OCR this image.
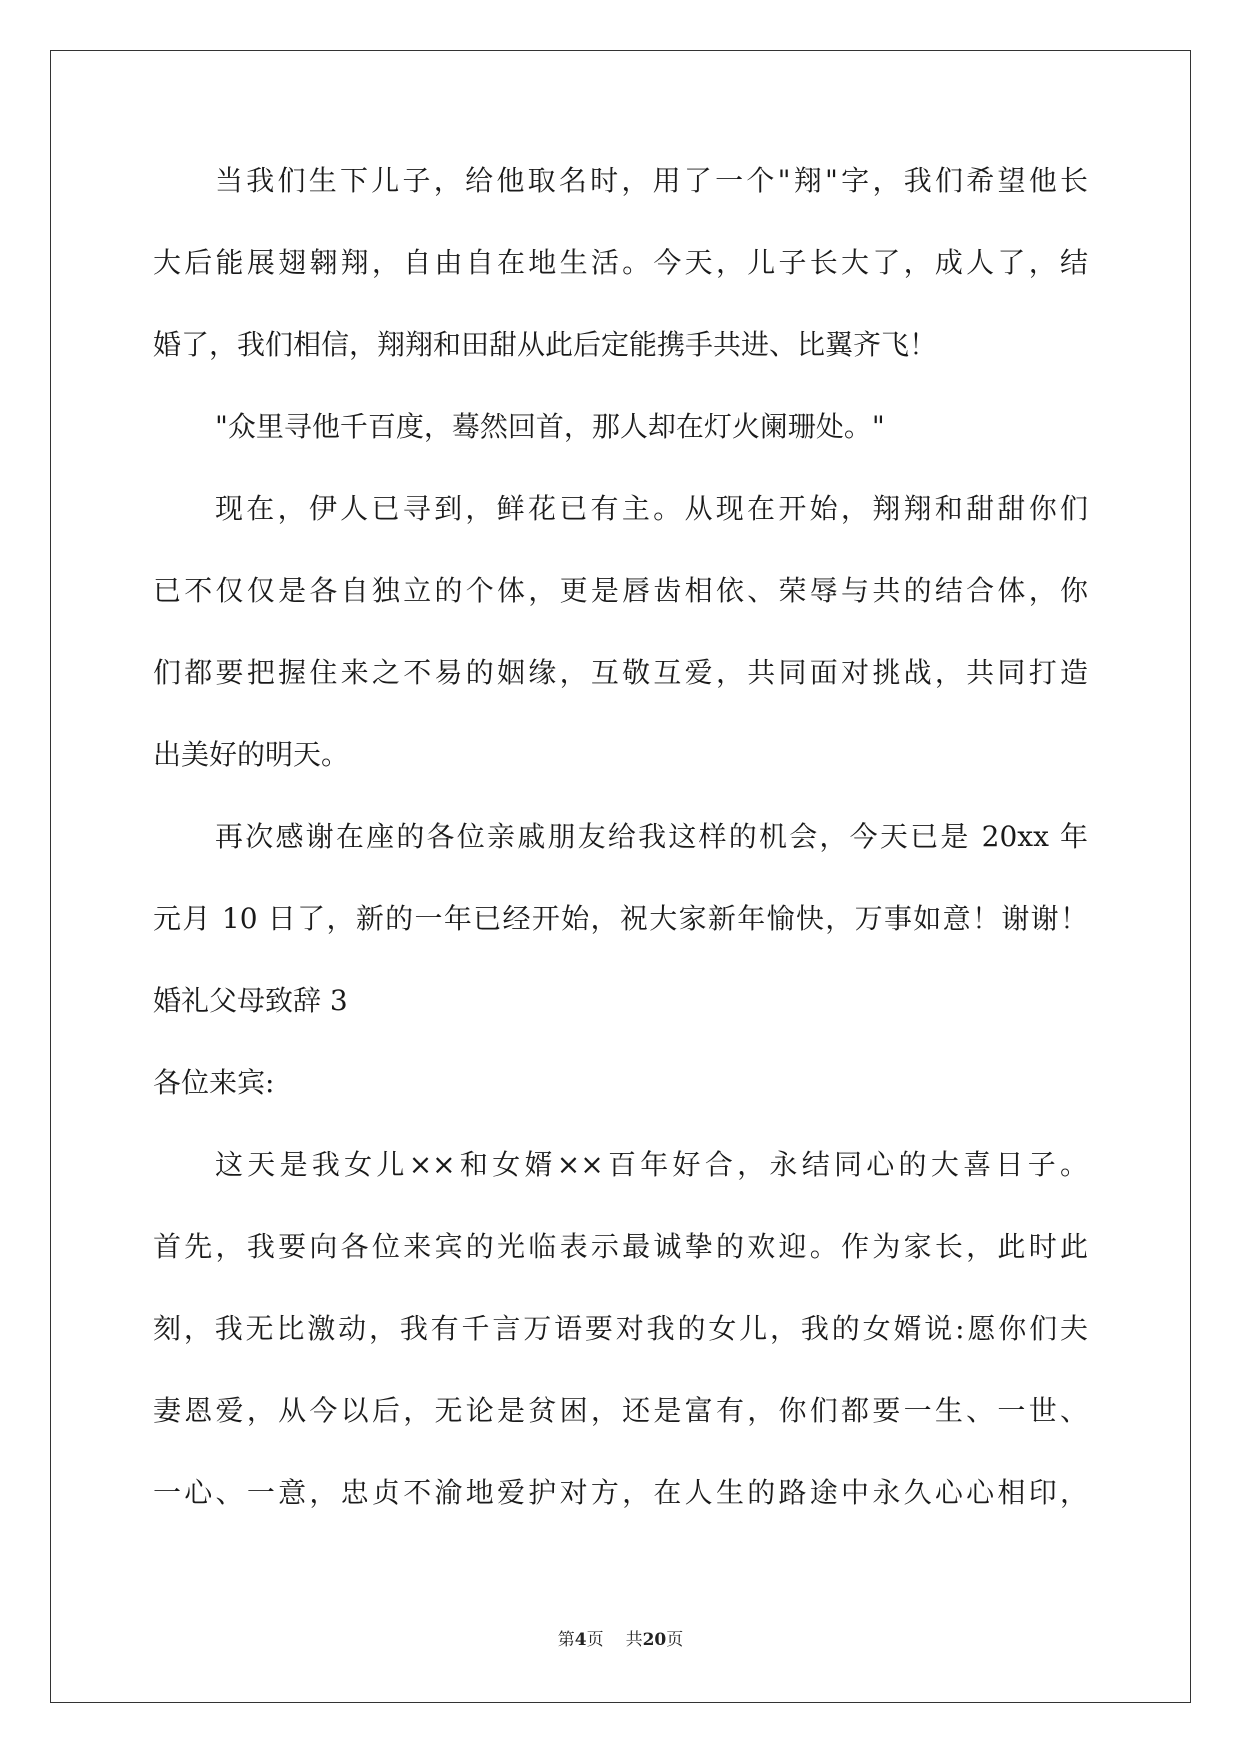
当我们生下儿子，给他取名时，用了一个"翔"字，我们希望他长
大后能展翅翱翔，自由自在地生活。今天，儿子长大了，成人了，结
婚了，我们相信，翔翔和田甜从此后定能携手共进、比翼齐飞！
"众里寻他千百度，蓦然回首，那人却在灯火阑珊处。"
现在，伊人已寻到，鲜花已有主。从现在开始，翔翔和甜甜你们
已不仅仅是各自独立的个体，更是唇齿相依、荣辱与共的结合体，你
们都要把握住来之不易的姻缘，互敬互爱，共同面对挑战，共同打造
出美好的明天。
再次感谢在座的各位亲戚朋友给我这样的机会，今天已是 20xx 年
元月 10 日了，新的一年已经开始，祝大家新年愉快，万事如意！谢谢！
婚礼父母致辞 3
各位来宾:
这天是我女儿××和女婿××百年好合，永结同心的大喜日子。
首先，我要向各位来宾的光临表示最诚挚的欢迎。作为家长，此时此
刻，我无比激动，我有千言万语要对我的女儿，我的女婿说:愿你们夫
妻恩爱，从今以后，无论是贫困，还是富有，你们都要一生、一世、
一心、一意，忠贞不渝地爱护对方，在人生的路途中永久心心相印，
第4页 共20页
